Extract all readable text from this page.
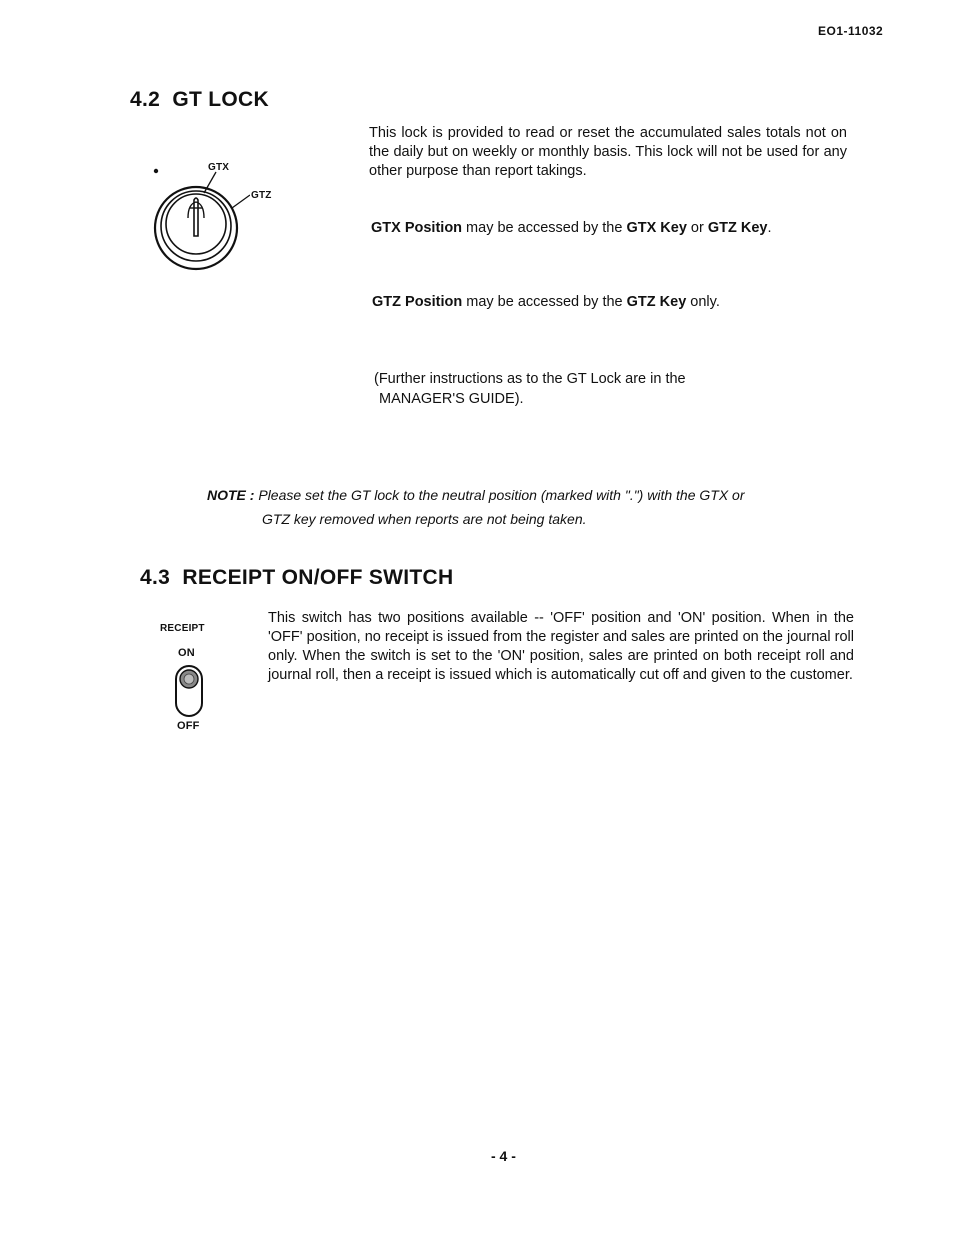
EO1-11032
4.2  GT LOCK
GTX
GTZ
This lock is provided to read or reset the accumulated sales totals not on the daily but on weekly or monthly basis. This lock will not be used for any other purpose than report takings.
GTX Position may be accessed by the GTX Key or GTZ Key.
GTZ Position may be accessed by the GTZ Key only.
(Further instructions as to the GT Lock are in the
MANAGER'S GUIDE).
NOTE : Please set the GT lock to the neutral position (marked with ".") with the GTX or
GTZ key removed when reports are not being taken.
4.3  RECEIPT ON/OFF SWITCH
RECEIPT
ON
OFF
This switch has two positions available -- 'OFF' position and 'ON' position. When in the 'OFF' position, no receipt is issued from the register and sales are printed on the journal roll only. When the switch is set to the 'ON' position, sales are printed on both receipt roll and journal roll, then a receipt is issued which is automatically cut off and given to the customer.
- 4 -
